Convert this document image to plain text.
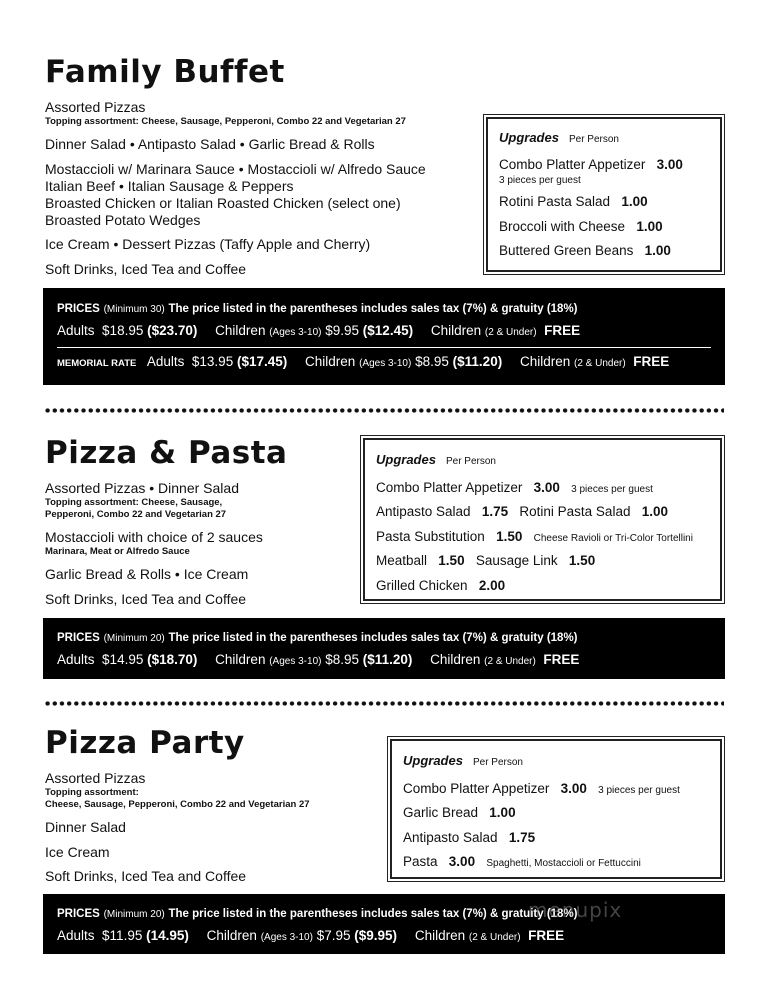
Family Buffet
Assorted Pizzas
Topping assortment: Cheese, Sausage, Pepperoni, Combo 22 and Vegetarian 27
Dinner Salad • Antipasto Salad • Garlic Bread & Rolls
Mostaccioli w/ Marinara Sauce • Mostaccioli w/ Alfredo Sauce
Italian Beef • Italian Sausage & Peppers
Broasted Chicken or Italian Roasted Chicken (select one)
Broasted Potato Wedges
Ice Cream • Dessert Pizzas (Taffy Apple and Cherry)
Soft Drinks, Iced Tea and Coffee
Upgrades Per Person
Combo Platter Appetizer 3.00
3 pieces per guest
Rotini Pasta Salad 1.00
Broccoli with Cheese 1.00
Buttered Green Beans 1.00
PRICES (Minimum 30) The price listed in the parentheses includes sales tax (7%) & gratuity (18%)
Adults $18.95 ($23.70) Children (Ages 3-10) $9.95 ($12.45) Children (2 & Under) FREE
MEMORIAL RATE Adults $13.95 ($17.45) Children (Ages 3-10) $8.95 ($11.20) Children (2 & Under) FREE
Pizza & Pasta
Assorted Pizzas • Dinner Salad
Topping assortment: Cheese, Sausage,
Pepperoni, Combo 22 and Vegetarian 27
Mostaccioli with choice of 2 sauces
Marinara, Meat or Alfredo Sauce
Garlic Bread & Rolls • Ice Cream
Soft Drinks, Iced Tea and Coffee
Upgrades Per Person
Combo Platter Appetizer 3.00 3 pieces per guest
Antipasto Salad 1.75 Rotini Pasta Salad 1.00
Pasta Substitution 1.50 Cheese Ravioli or Tri-Color Tortellini
Meatball 1.50 Sausage Link 1.50
Grilled Chicken 2.00
PRICES (Minimum 20) The price listed in the parentheses includes sales tax (7%) & gratuity (18%)
Adults $14.95 ($18.70) Children (Ages 3-10) $8.95 ($11.20) Children (2 & Under) FREE
Pizza Party
Assorted Pizzas
Topping assortment:
Cheese, Sausage, Pepperoni, Combo 22 and Vegetarian 27
Dinner Salad
Ice Cream
Soft Drinks, Iced Tea and Coffee
Upgrades Per Person
Combo Platter Appetizer 3.00 3 pieces per guest
Garlic Bread 1.00
Antipasto Salad 1.75
Pasta 3.00 Spaghetti, Mostaccioli or Fettuccini
PRICES (Minimum 20) The price listed in the parentheses includes sales tax (7%) & gratuity (18%)
Adults $11.95 (14.95) Children (Ages 3-10) $7.95 ($9.95) Children (2 & Under) FREE
menupix
